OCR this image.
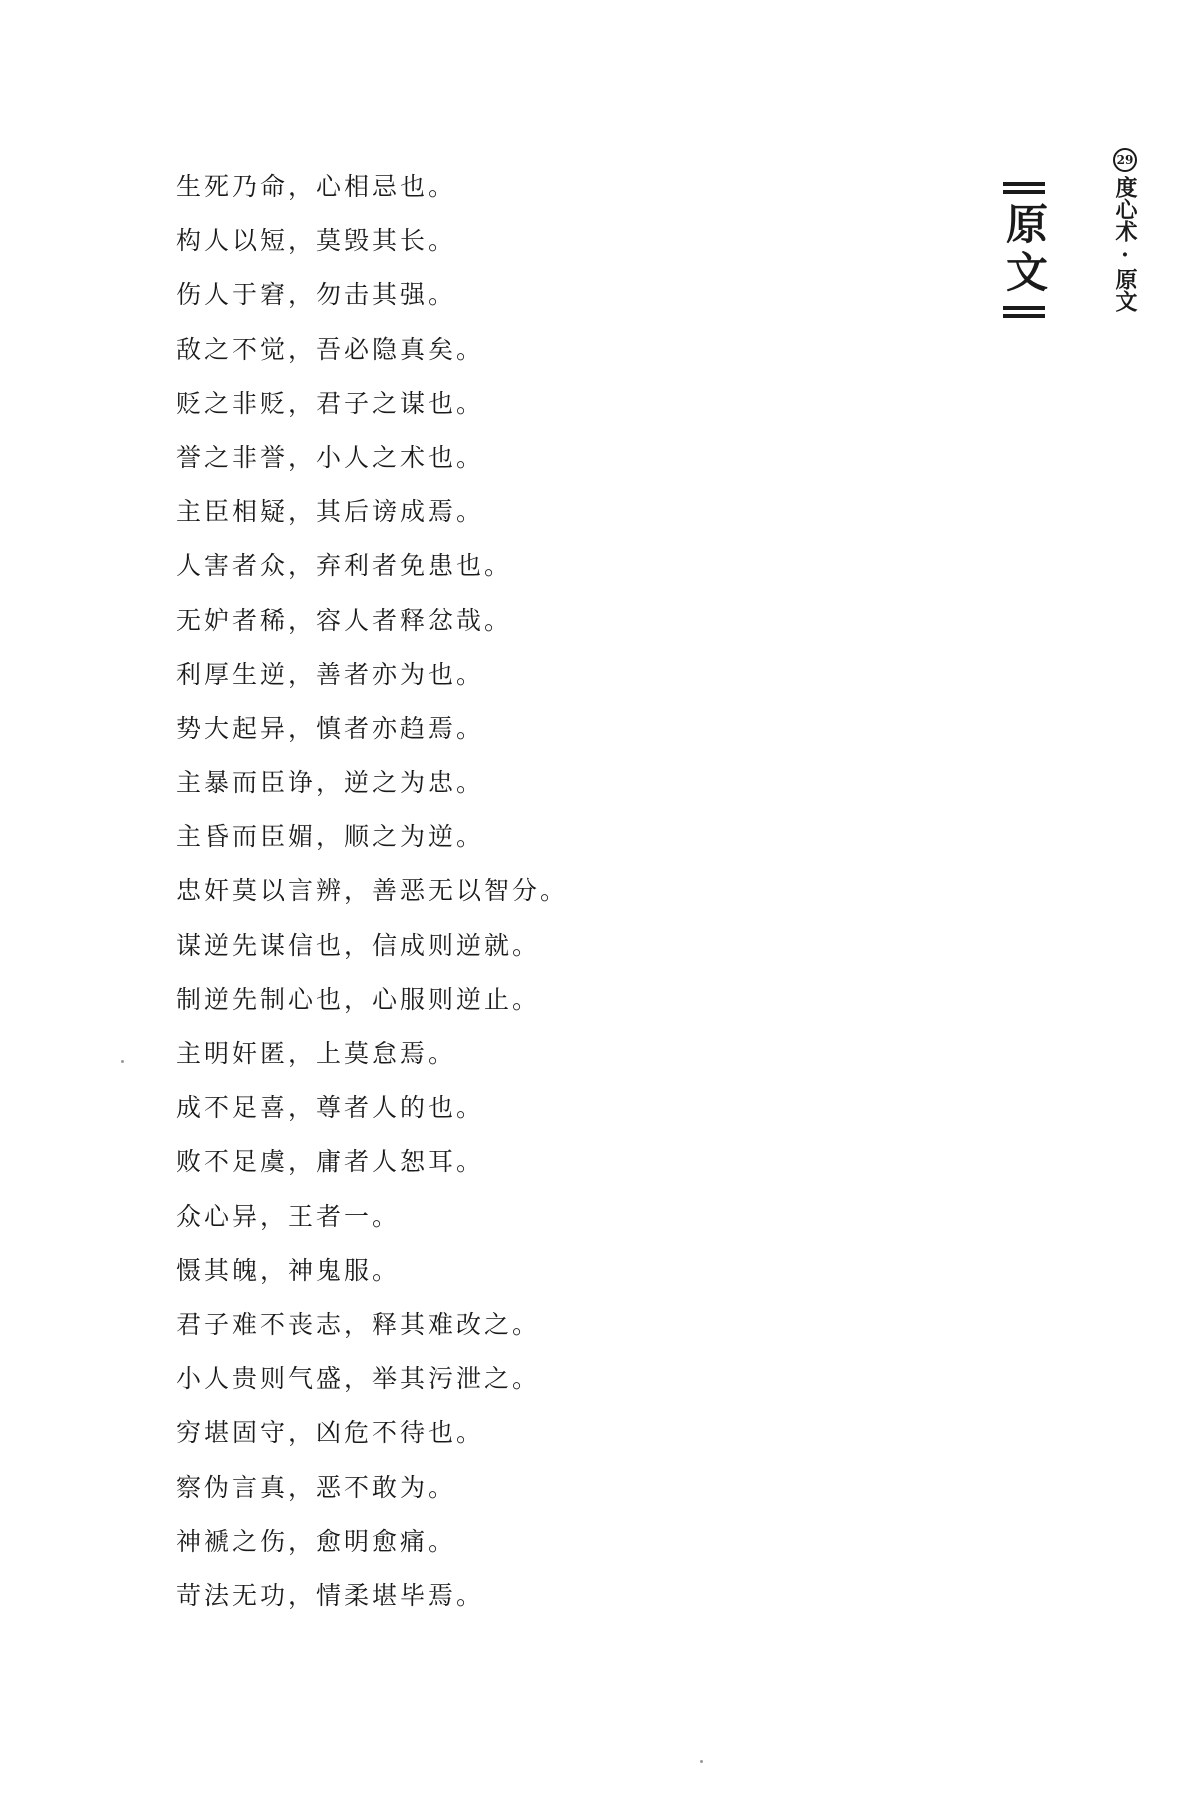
29
度心术·原文
原文
生死乃命，心相忌也。
构人以短，莫毁其长。
伤人于窘，勿击其强。
敌之不觉，吾必隐真矣。
贬之非贬，君子之谋也。
誉之非誉，小人之术也。
主臣相疑，其后谤成焉。
人害者众，弃利者免患也。
无妒者稀，容人者释忿哉。
利厚生逆，善者亦为也。
势大起异，慎者亦趋焉。
主暴而臣诤，逆之为忠。
主昏而臣媚，顺之为逆。
忠奸莫以言辨，善恶无以智分。
谋逆先谋信也，信成则逆就。
制逆先制心也，心服则逆止。
主明奸匿，上莫怠焉。
成不足喜，尊者人的也。
败不足虞，庸者人恕耳。
众心异，王者一。
慑其魄，神鬼服。
君子难不丧志，释其难改之。
小人贵则气盛，举其污泄之。
穷堪固守，凶危不待也。
察伪言真，恶不敢为。
神褫之伤，愈明愈痛。
苛法无功，情柔堪毕焉。
